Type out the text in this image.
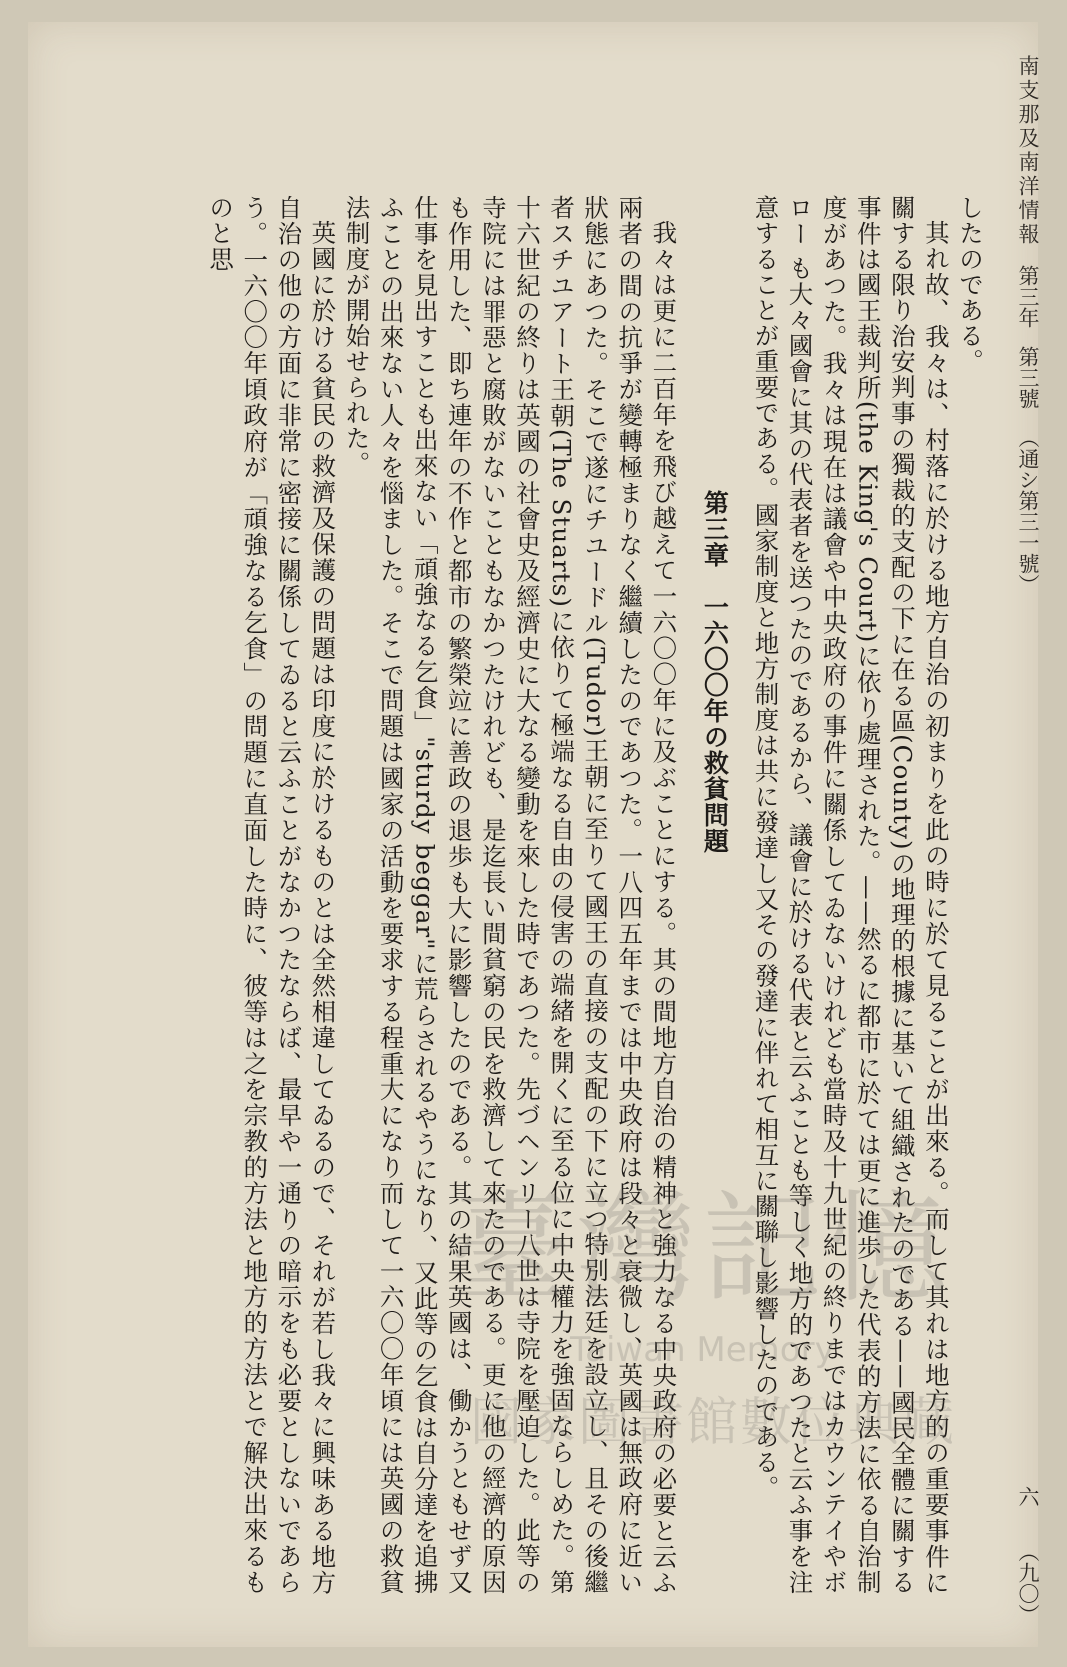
南支那及南洋情報第三年第三號（通シ第三一號）
六（九〇）

したのである。

其れ故、我々は、村落に於ける地方自治の初まりを此の時に於て見ることが出來る。而して其れは地方的の重要事件に關する限り治安判事の獨裁的支配の下に在る區(County)の地理的根據に基いて組織されたのである——國民全體に關する事件は國王裁判所(the King's Court)に依り處理された。——然るに都市に於ては更に進歩した代表的方法に依る自治制度があつた。我々は現在は議會や中央政府の事件に關係してゐないけれども當時及十九世紀の終りまではカウンテイやボロー も大々國會に其の代表者を送つたのであるから、議會に於ける代表と云ふことも等しく地方的であつたと云ふ事を注意することが重要である。國家制度と地方制度は共に發達し又その發達に伴れて相互に關聯し影響したのである。

第三章　一六〇〇年の救貧問題

我々は更に二百年を飛び越えて一六〇〇年に及ぶことにする。其の間地方自治の精神と強力なる中央政府の必要と云ふ兩者の間の抗爭が變轉極まりなく繼續したのであつた。一八四五年までは中央政府は段々と衰微し、英國は無政府に近い狀態にあつた。そこで遂にチユードル(Tudor)王朝に至りて國王の直接の支配の下に立つ特別法廷を設立し、且その後繼者スチユアート王朝(The Stuarts)に依りて極端なる自由の侵害の端緒を開くに至る位に中央權力を強固ならしめた。第十六世紀の終りは英國の社會史及經濟史に大なる變動を來した時であつた。先づヘンリー八世は寺院を壓迫した。此等の寺院には罪惡と腐敗がないこともなかつたけれども、是迄長い間貧窮の民を救濟して來たのである。更に他の經濟的原因も作用した、即ち連年の不作と都市の繁榮竝に善政の退歩も大に影響したのである。其の結果英國は、働かうともせず又仕事を見出すことも出來ない「頑強なる乞食」"sturdy beggar"に荒らされるやうになり、又此等の乞食は自分達を追拂ふことの出來ない人々を惱ました。そこで問題は國家の活動を要求する程重大になり而して一六〇〇年頃には英國の救貧法制度が開始せられた。

英國に於ける貧民の救濟及保護の問題は印度に於けるものとは全然相違してゐるので、それが若し我々に興味ある地方自治の他の方面に非常に密接に關係してゐると云ふことがなかつたならば、最早や一通りの暗示をも必要としないであらう。一六〇〇年頃政府が「頑強なる乞食」の問題に直面した時に、彼等は之を宗教的方法と地方的方法とで解決出來るものと思

臺灣記憶
Taiwan Memory
國家圖書館數位典藏
